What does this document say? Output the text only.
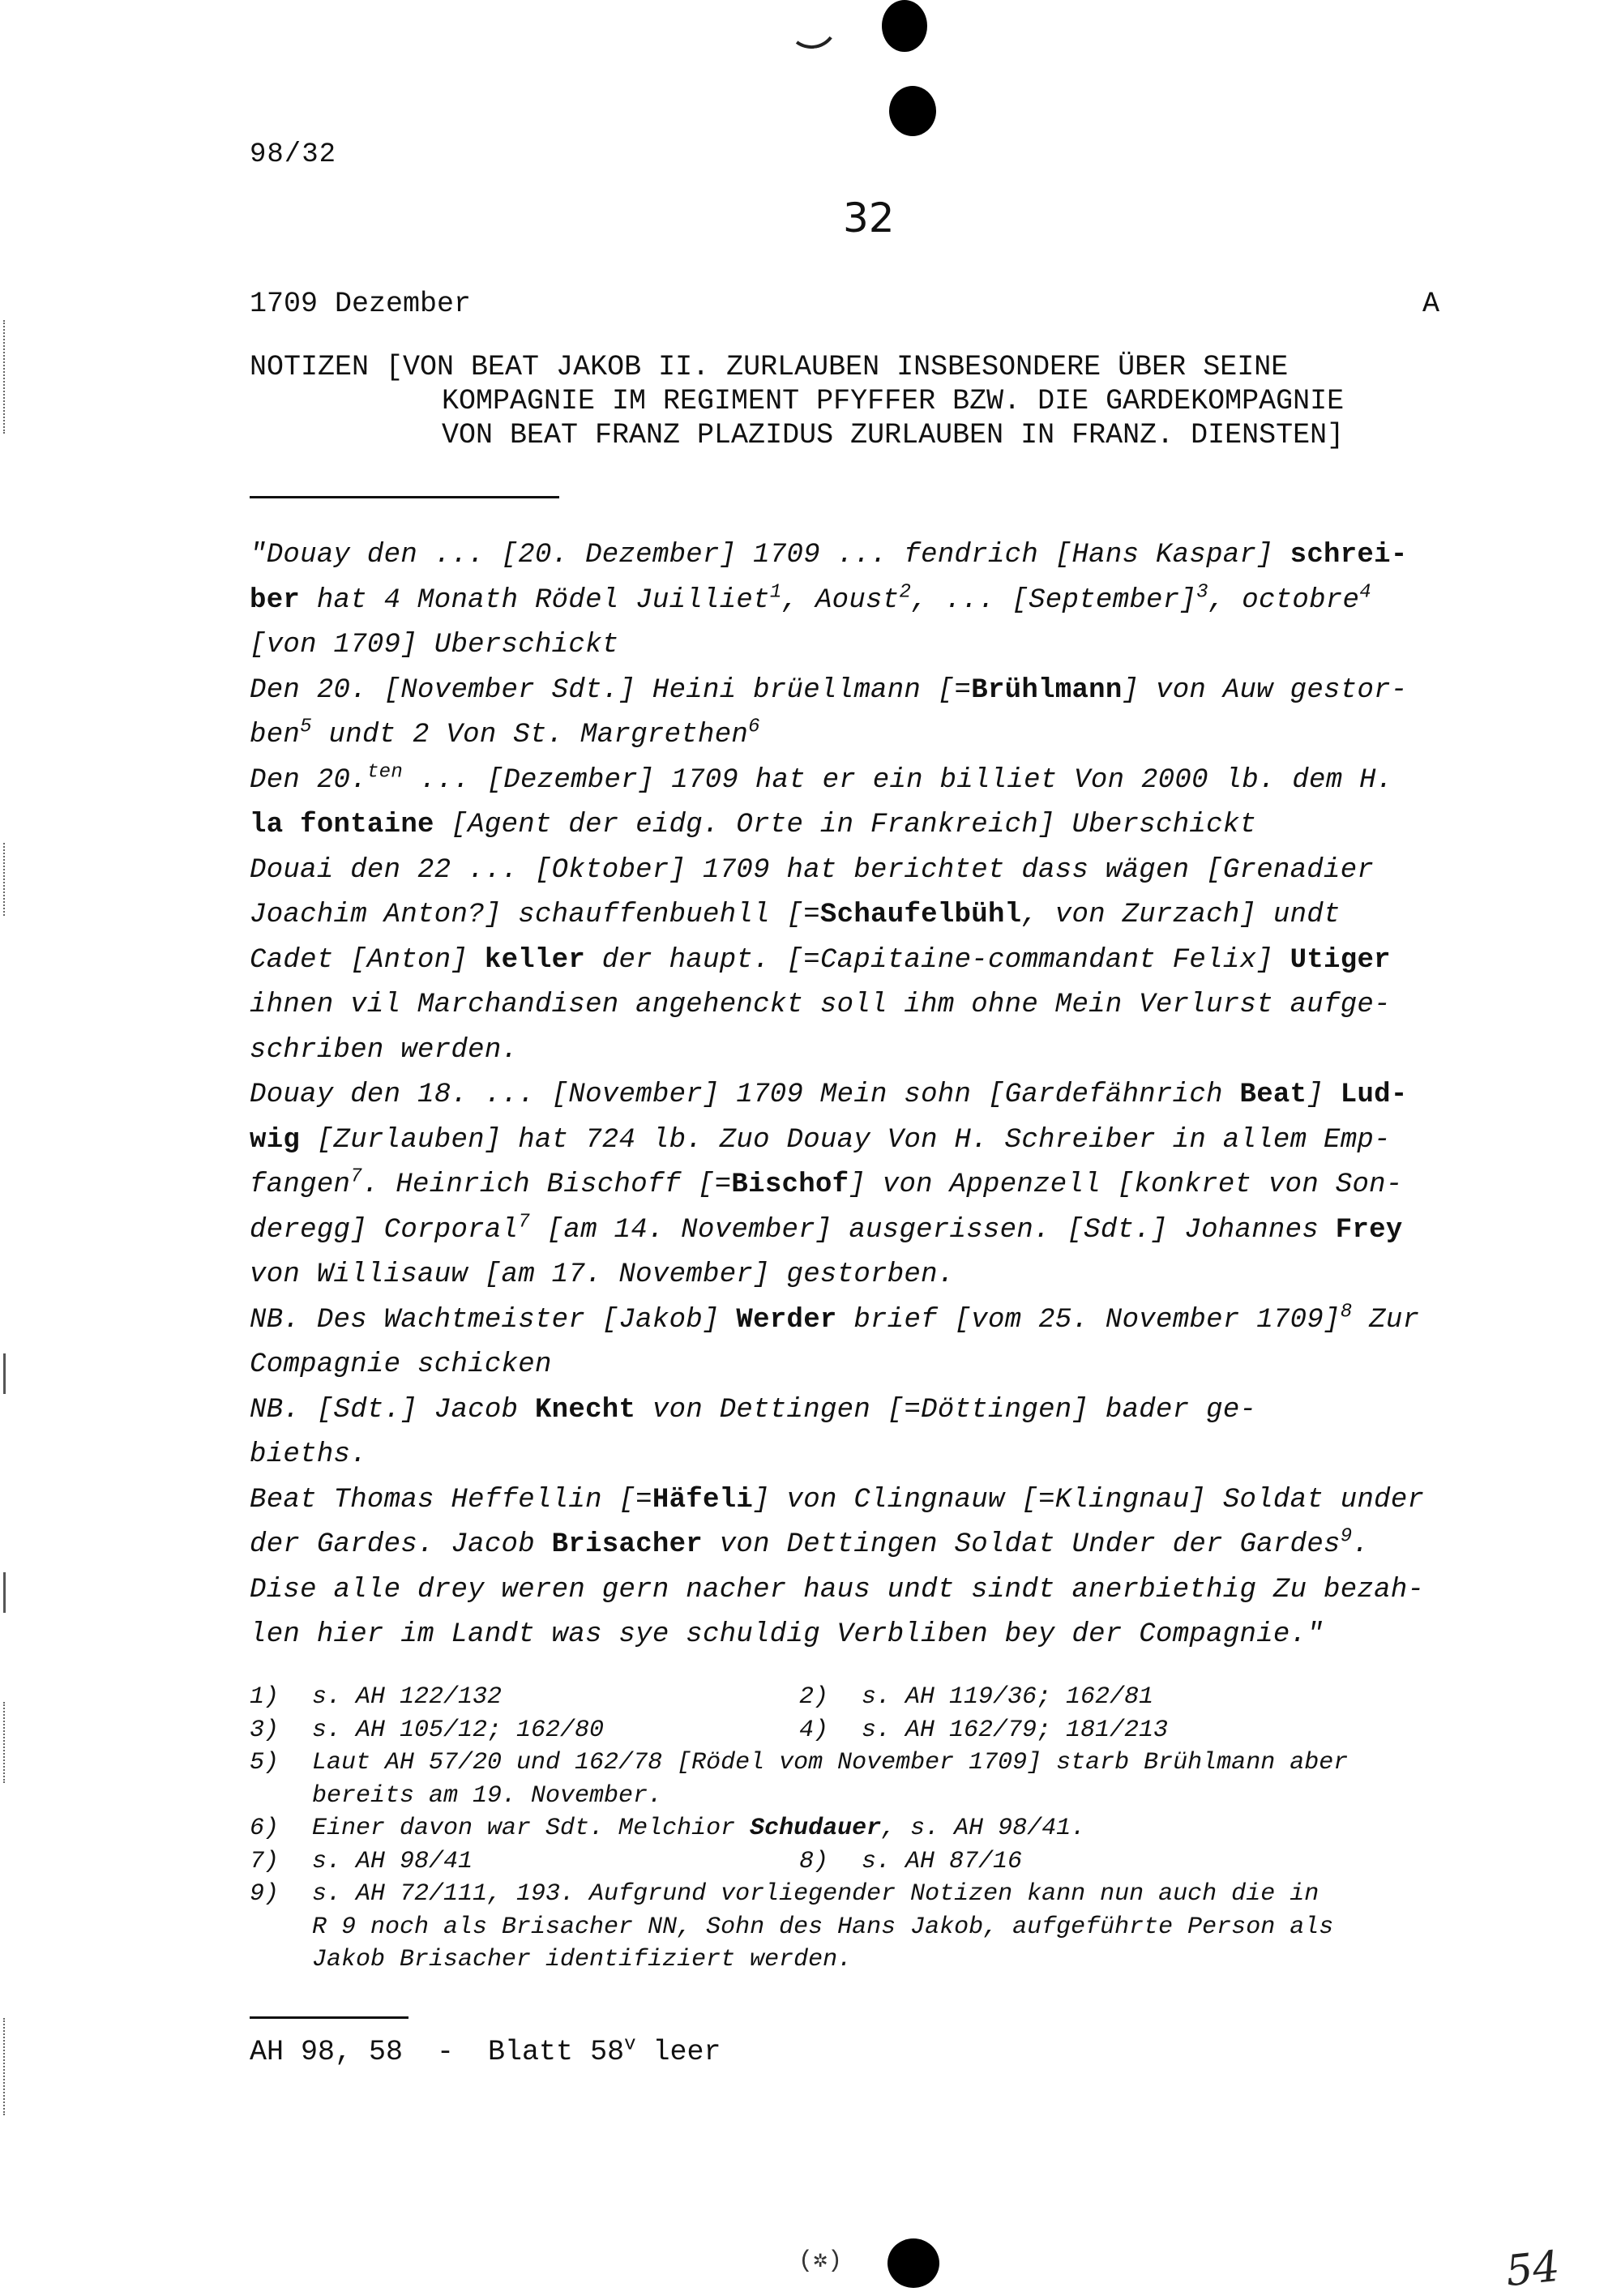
(✲)
98/32
32
1709 Dezember	A
NOTIZEN [VON BEAT JAKOB II. ZURLAUBEN INSBESONDERE ÜBER SEINE
KOMPAGNIE IM REGIMENT PFYFFER BZW. DIE GARDEKOMPAGNIE
VON BEAT FRANZ PLAZIDUS ZURLAUBEN IN FRANZ. DIENSTEN]
"Douay den ... [20. Dezember] 1709 ... fendrich [Hans Kaspar] schrei-
ber hat 4 Monath Rödel Juilliet$^1$, Aoust$^2$, ... [September]$^3$, octobre$^4$
[von 1709] Uberschickt
Den 20. [November Sdt.] Heini brüellmann [=Brühlmann] von Auw gestor-
ben$^5$ undt 2 Von St. Margrethen$^6$
Den 20.$^{ten}$ ... [Dezember] 1709 hat er ein billiet Von 2000 lb. dem H.
la fontaine [Agent der eidg. Orte in Frankreich] Uberschickt
Douai den 22 ... [Oktober] 1709 hat berichtet dass wägen [Grenadier
Joachim Anton?] schauffenbuehll [=Schaufelbühl, von Zurzach] undt
Cadet [Anton] keller der haupt. [=Capitaine-commandant Felix] Utiger
ihnen vil Marchandisen angehenckt soll ihm ohne Mein Verlurst aufge-
schriben werden.
Douay den 18. ... [November] 1709 Mein sohn [Gardefähnrich Beat] Lud-
wig [Zurlauben] hat 724 lb. Zuo Douay Von H. Schreiber in allem Emp-
fangen$^7$. Heinrich Bischoff [=Bischof] von Appenzell [konkret von Son-
deregg] Corporal$^7$ [am 14. November] ausgerissen. [Sdt.] Johannes Frey
von Willisauw [am 17. November] gestorben.
NB. Des Wachtmeister [Jakob] Werder brief [vom 25. November 1709]$^8$ Zur
Compagnie schicken
NB. [Sdt.] Jacob Knecht von Dettingen [=Döttingen] bader ge-
bieths.
Beat Thomas Heffellin [=Häfeli] von Clingnauw [=Klingnau] Soldat under
der Gardes. Jacob Brisacher von Dettingen Soldat Under der Gardes$^9$.
Dise alle drey weren gern nacher haus undt sindt anerbiethig Zu bezah-
len hier im Landt was sye schuldig Verbliben bey der Compagnie."
1)	s. AH 122/132	2)	s. AH 119/36; 162/81
3)	s. AH 105/12; 162/80	4)	s. AH 162/79; 181/213
5)	Laut AH 57/20 und 162/78 [Rödel vom November 1709] starb Brühlmann aber
bereits am 19. November.
6)	Einer davon war Sdt. Melchior Schudauer, s. AH 98/41.
7)	s. AH 98/41	8)	s. AH 87/16
9)	s. AH 72/111, 193. Aufgrund vorliegender Notizen kann nun auch die in
R 9 noch als Brisacher NN, Sohn des Hans Jakob, aufgeführte Person als
Jakob Brisacher identifiziert werden.
AH 98, 58  -  Blatt 58$^v$ leer
54
